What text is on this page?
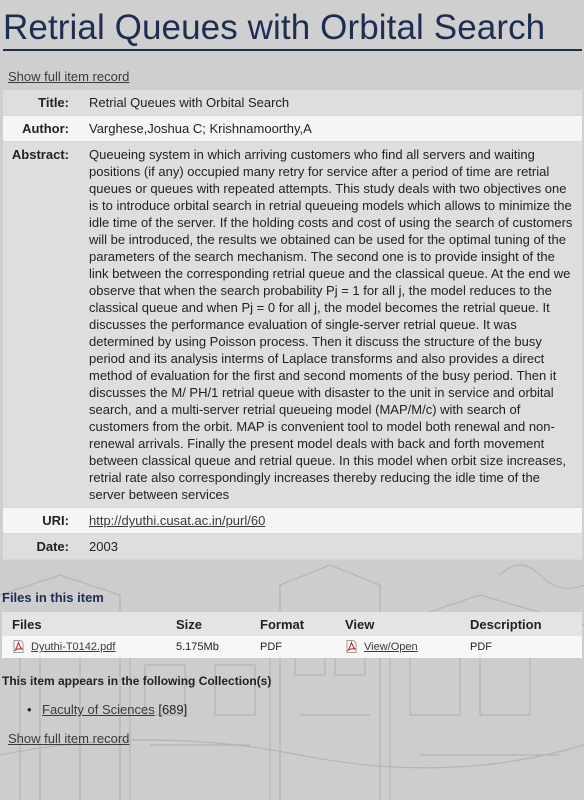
Retrial Queues with Orbital Search
Show full item record
Title:	Retrial Queues with Orbital Search
Author:	Varghese,Joshua C; Krishnamoorthy,A
Abstract:	Queueing system in which arriving customers who find all servers and waiting positions (if any) occupied many retry for service after a period of time are retrial queues or queues with repeated attempts. This study deals with two objectives one is to introduce orbital search in retrial queueing models which allows to minimize the idle time of the server. If the holding costs and cost of using the search of customers will be introduced, the results we obtained can be used for the optimal tuning of the parameters of the search mechanism. The second one is to provide insight of the link between the corresponding retrial queue and the classical queue. At the end we observe that when the search probability Pj = 1 for all j, the model reduces to the classical queue and when Pj = 0 for all j, the model becomes the retrial queue. It discusses the performance evaluation of single-server retrial queue. It was determined by using Poisson process. Then it discuss the structure of the busy period and its analysis interms of Laplace transforms and also provides a direct method of evaluation for the first and second moments of the busy period. Then it discusses the M/ PH/1 retrial queue with disaster to the unit in service and orbital search, and a multi-server retrial queueing model (MAP/M/c) with search of customers from the orbit. MAP is convenient tool to model both renewal and non-renewal arrivals. Finally the present model deals with back and forth movement between classical queue and retrial queue. In this model when orbit size increases, retrial rate also correspondingly increases thereby reducing the idle time of the server between services
URI:	http://dyuthi.cusat.ac.in/purl/60
Date:	2003
Files in this item
Files	Size	Format	View	Description
Dyuthi-T0142.pdf	5.175Mb	PDF	View/Open	PDF
This item appears in the following Collection(s)
• Faculty of Sciences [689]
Show full item record
